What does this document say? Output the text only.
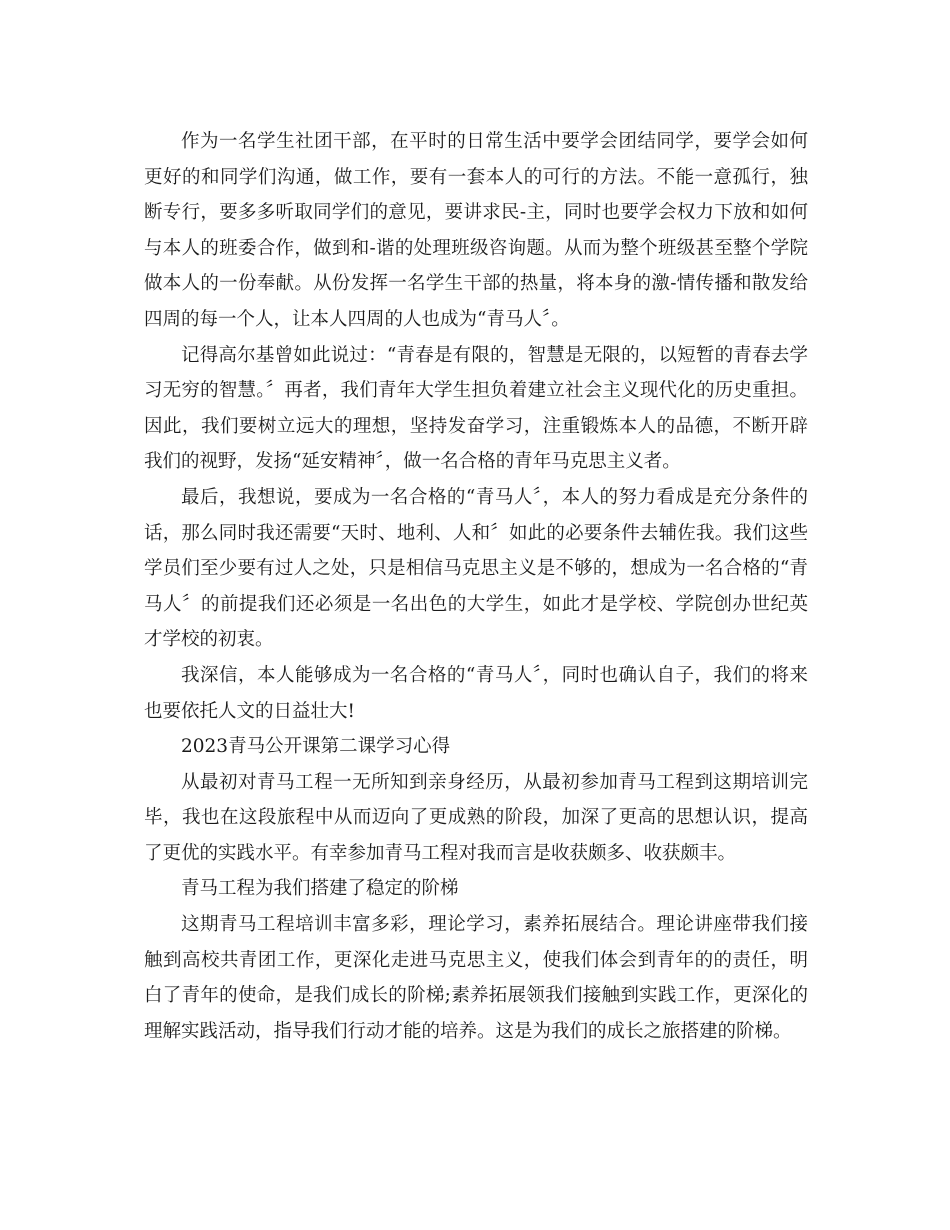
作为一名学生社团干部，在平时的日常生活中要学会团结同学，要学会如何更好的和同学们沟通，做工作，要有一套本人的可行的方法。不能一意孤行，独断专行，要多多听取同学们的意见，要讲求民-主，同时也要学会权力下放和如何与本人的班委合作，做到和-谐的处理班级咨询题。从而为整个班级甚至整个学院做本人的一份奉献。从份发挥一名学生干部的热量，将本身的激-情传播和散发给四周的每一个人，让本人四周的人也成为“青马人〞。

记得高尔基曾如此说过：“青春是有限的，智慧是无限的，以短暂的青春去学习无穷的智慧。〞再者，我们青年大学生担负着建立社会主义现代化的历史重担。因此，我们要树立远大的理想，坚持发奋学习，注重锻炼本人的品德，不断开辟我们的视野，发扬“延安精神〞，做一名合格的青年马克思主义者。

最后，我想说，要成为一名合格的“青马人〞，本人的努力看成是充分条件的话，那么同时我还需要“天时、地利、人和〞如此的必要条件去辅佐我。我们这些学员们至少要有过人之处，只是相信马克思主义是不够的，想成为一名合格的“青马人〞的前提我们还必须是一名出色的大学生，如此才是学校、学院创办世纪英才学校的初衷。

我深信，本人能够成为一名合格的“青马人〞，同时也确认自子，我们的将来也要依托人文的日益壮大!

2023青马公开课第二课学习心得

从最初对青马工程一无所知到亲身经历，从最初参加青马工程到这期培训完毕，我也在这段旅程中从而迈向了更成熟的阶段，加深了更高的思想认识，提高了更优的实践水平。有幸参加青马工程对我而言是收获颇多、收获颇丰。

青马工程为我们搭建了稳定的阶梯

这期青马工程培训丰富多彩，理论学习，素养拓展结合。理论讲座带我们接触到高校共青团工作，更深化走进马克思主义，使我们体会到青年的的责任，明白了青年的使命，是我们成长的阶梯;素养拓展领我们接触到实践工作，更深化的理解实践活动，指导我们行动才能的培养。这是为我们的成长之旅搭建的阶梯。
